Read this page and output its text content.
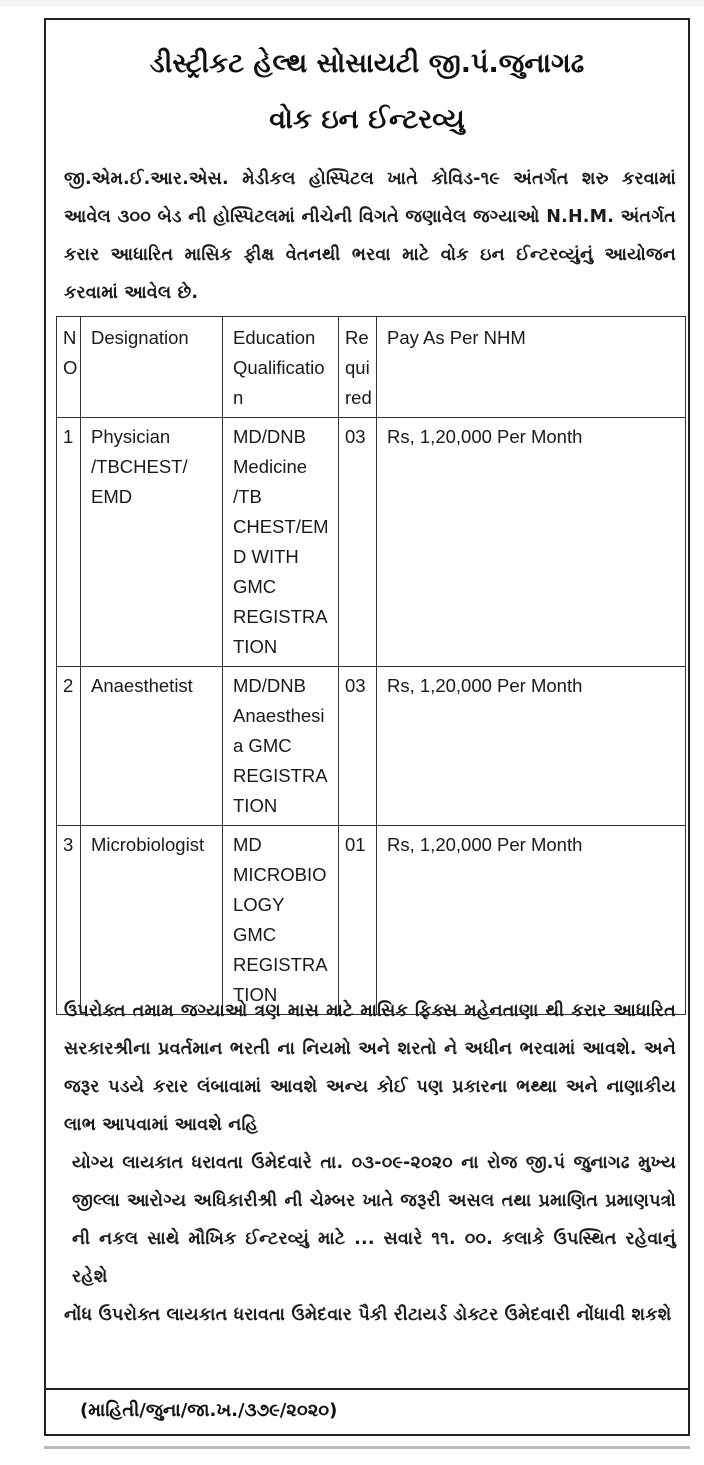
ડીસ્ટ્રીકટ હેલ્થ સોસાયટી જી.પં.જુનાગઢ
વોક ઇન ઈન્ટરવ્યુ
જી.એમ.ઈ.આર.એસ. મેડીકલ હોસ્પિટલ ખાતે કોવિડ-૧૯ અંતર્ગત શરુ કરવામાં આવેલ ૩૦૦ બેડ ની હોસ્પિટલમાં નીચેની વિગતે જણાવેલ જગ્યાઓ N.H.M. અંતર્ગત કરાર આધારિત માસિક ફીક્ષ વેતનથી ભરવા માટે વોક ઇન ઈન્ટરવ્યુંનું આયોજન કરવામાં આવેલ છે.
NO	Designation	Education Qualification	Required	Pay As Per NHM
1	Physician /TBCHEST/ EMD	MD/DNB Medicine /TB CHEST/EMD WITH GMC REGISTRATION	03	Rs, 1,20,000 Per Month
2	Anaesthetist	MD/DNB Anaesthesia GMC REGISTRATION	03	Rs, 1,20,000 Per Month
3	Microbiologist	MD MICROBIOLOGY GMC REGISTRATION	01	Rs, 1,20,000 Per Month
ઉપરોક્ત તમામ જગ્યાઓ ત્રણ માસ માટે માસિક ફિક્સ મહેનતાણા થી કરાર આધારિત સરકારશ્રીના પ્રવર્તમાન ભરતી ના નિયમો અને શરતો ને અધીન ભરવામાં આવશે. અને જરૂર પડયે કરાર લંબાવામાં આવશે અન્ય કોઈ પણ પ્રકારના ભથ્થા અને નાણાકીય લાભ આપવામાં આવશે નહિ
યોગ્ય લાયકાત ધરાવતા ઉમેદવારે તા. ૦૩-૦૯-૨૦૨૦ ના રોજ જી.પં જુનાગઢ મુખ્ય જીલ્લા આરોગ્ય અધિકારીશ્રી ની ચેમ્બર ખાતે જરૂરી અસલ તથા પ્રમાણિત પ્રમાણપત્રો ની નકલ સાથે મૌખિક ઈન્ટરવ્યું માટે ... સવારે ૧૧. ૦૦. કલાકે ઉપસ્થિત રહેવાનું રહેશે
નોંધ ઉપરોક્ત લાયકાત ધરાવતા ઉમેદવાર પૈકી રીટાયર્ડ ડોક્ટર ઉમેદવારી નોંધાવી શકશે
(માહિતી/જુના/જા.ખ./૩૭૯/૨૦૨૦)
